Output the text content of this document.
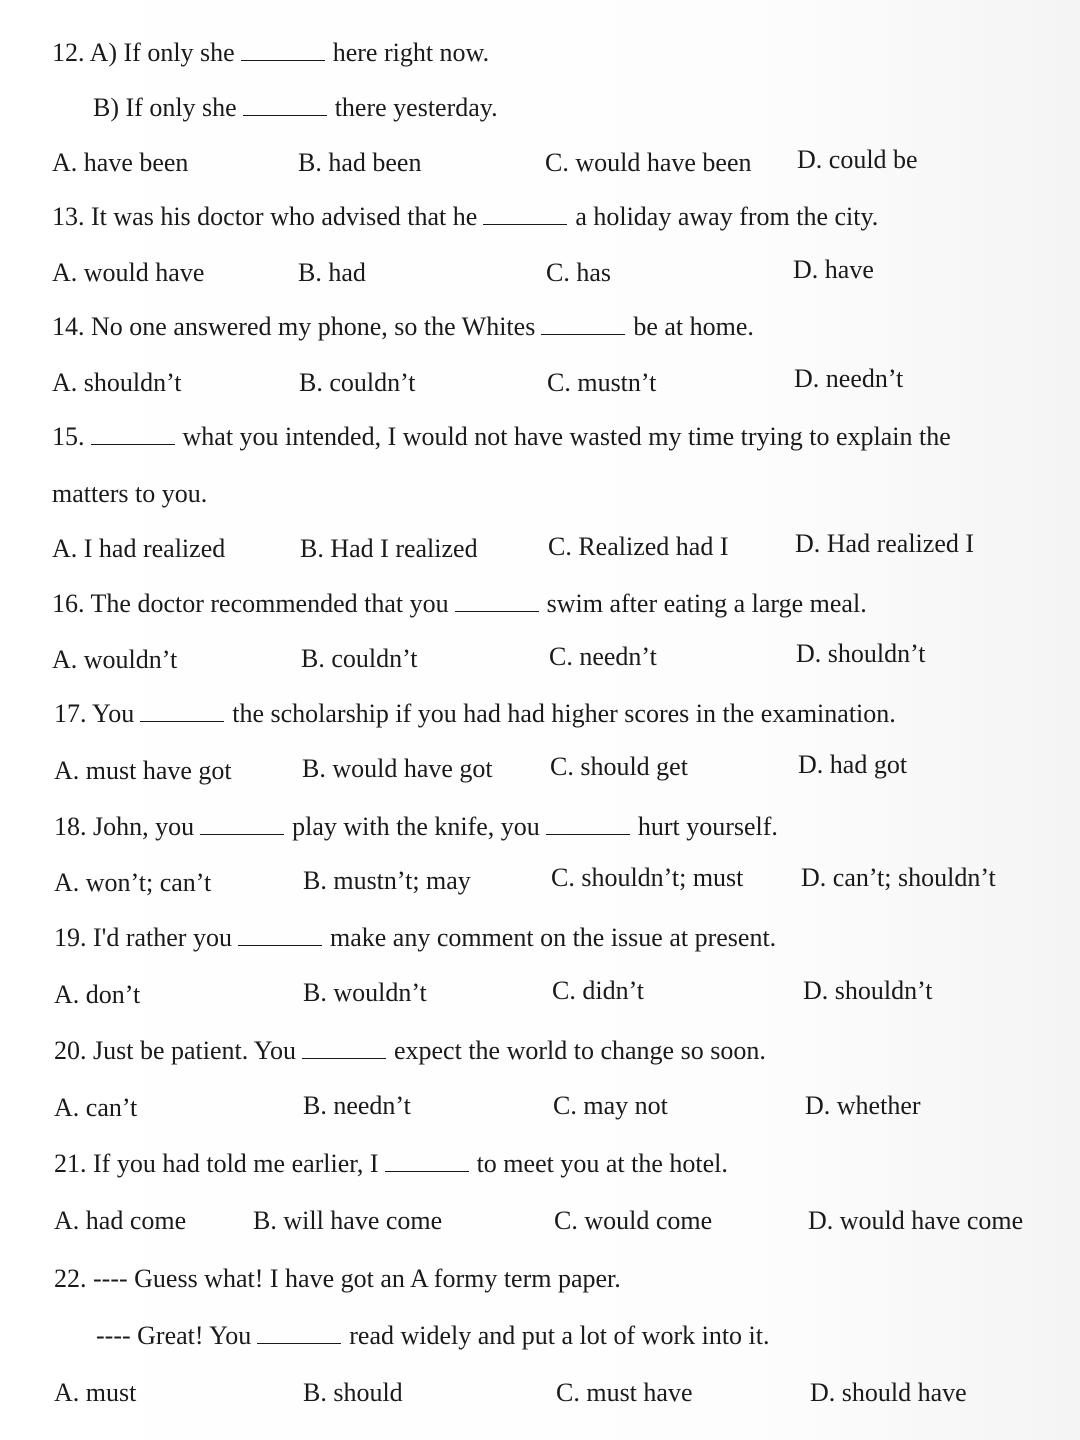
12. A) If only she	here right now.
B) If only she	there yesterday.
A. have been	B. had been	C. would have been D. could be
13. It was his doctor who advised that he	a holiday away from the city.
A. would have	B. had	C. has	D. have
14. No one answered my phone, so the Whites	be at home.
A. shouldn’t	B. couldn’t	C. mustn’t	D. needn’t
15.	what you intended, I would not have wasted my time trying to explain the
matters to you.
A. I had realized	B. Had I realized	C. Realized had I	D. Had realized I
16. The doctor recommended that you	swim after eating a large meal.
A. wouldn’t	B. couldn’t	C. needn’t	D. shouldn’t
17. You	the scholarship if you had had higher scores in the examination.
A. must have got	B. would have got C. should get	D. had got
18. John, you	play with the knife, you	hurt yourself.
A. won’t; can’t	B. mustn’t; may	C. shouldn’t; must D. can’t; shouldn’t
19. I'd rather you	make any comment on the issue at present.
A. don’t	B. wouldn’t	C. didn’t	D. shouldn’t
20. Just be patient. You	expect the world to change so soon.
A. can’t	B. needn’t	C. may not	D. whether
21. If you had told me earlier, I	to meet you at the hotel.
A. had come	B. will have come	C. would come	D. would have come
22. ---- Guess what! I have got an A formy term paper.
---- Great! You	read widely and put a lot of work into it.
A. must	B. should	C. must have	D. should have
